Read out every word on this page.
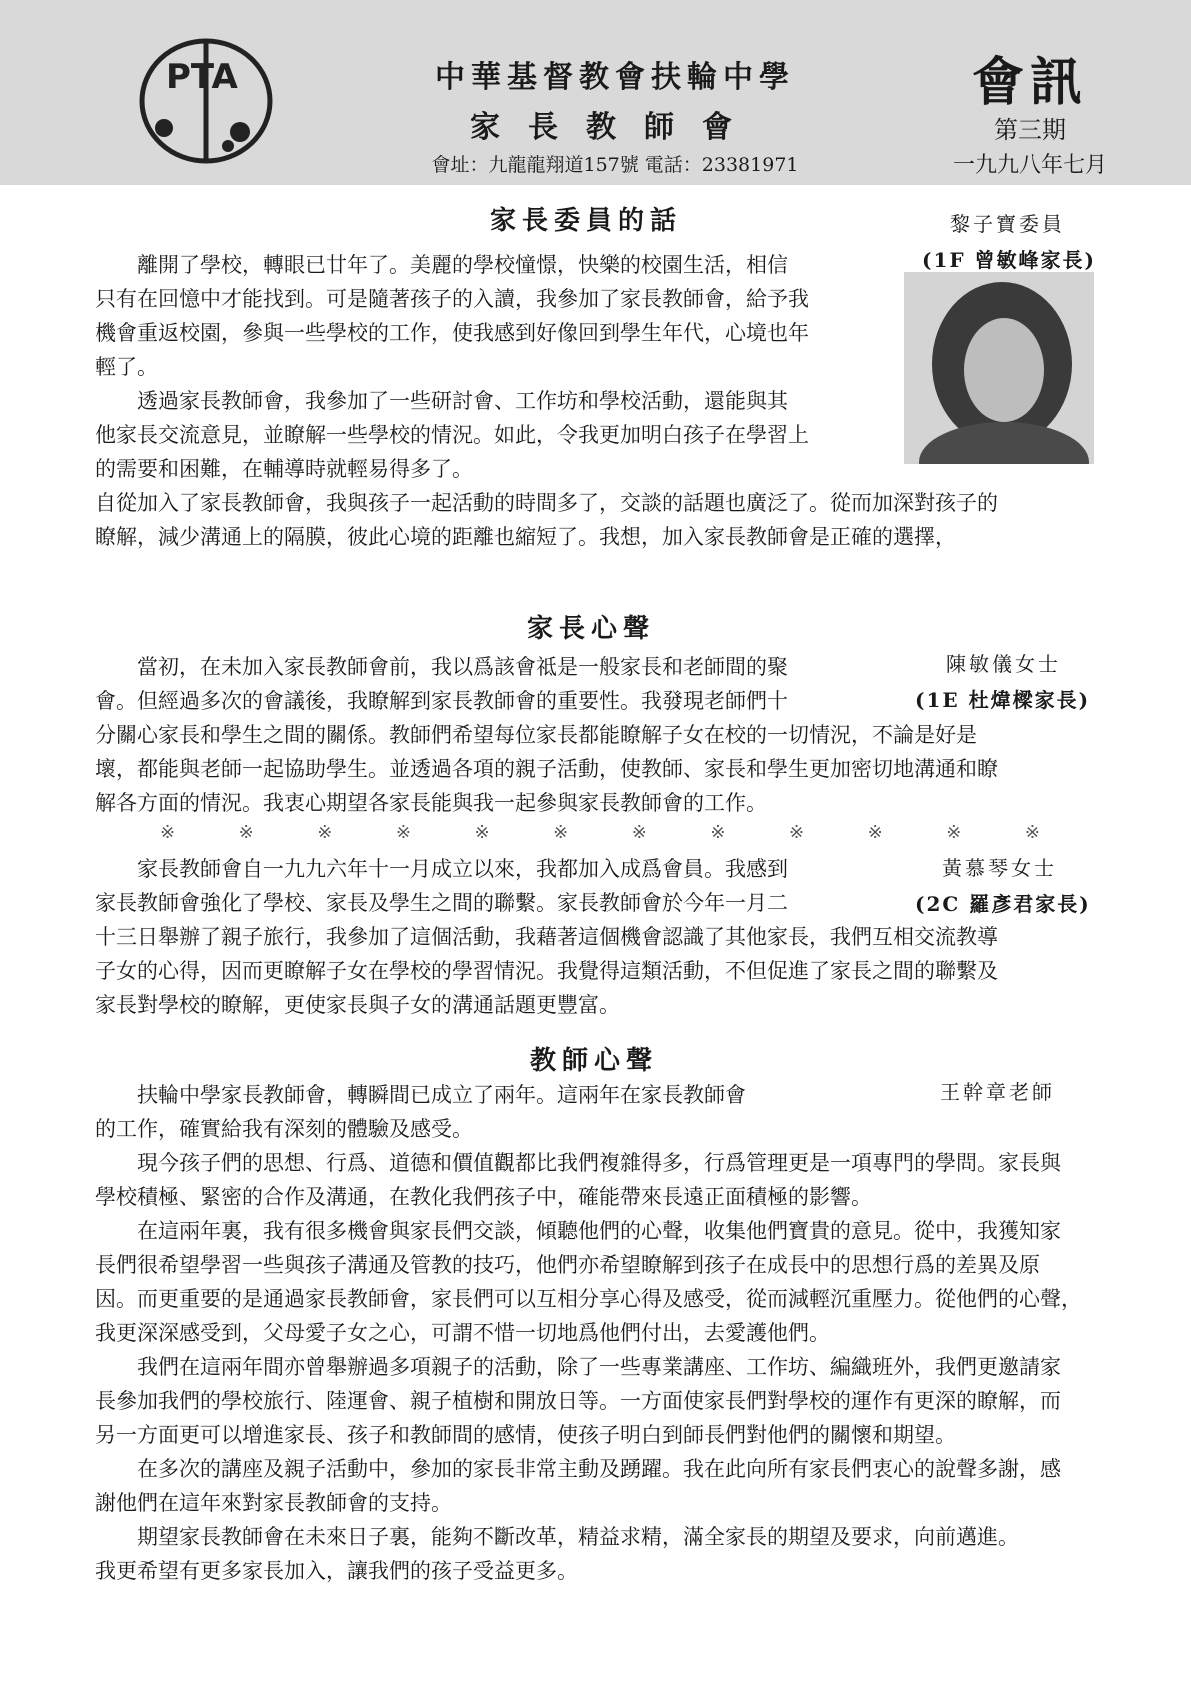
PTA	中華基督教會扶輪中學
家長教師會
會址：九龍龍翔道157號 電話：23381971
會訊
第三期
一九九八年七月
家長委員的話	黎子寶委員
(1F 曾敏峰家長)

離開了學校，轉眼已廿年了。美麗的學校憧憬，快樂的校園生活，相信

只有在回憶中才能找到。可是隨著孩子的入讀，我參加了家長教師會，給予我

機會重返校園，參與一些學校的工作，使我感到好像回到學生年代，心境也年

輕了。

透過家長教師會，我參加了一些研討會、工作坊和學校活動，還能與其

他家長交流意見，並瞭解一些學校的情況。如此，令我更加明白孩子在學習上

的需要和困難，在輔導時就輕易得多了。

自從加入了家長教師會，我與孩子一起活動的時間多了，交談的話題也廣泛了。從而加深對孩子的

瞭解，減少溝通上的隔膜，彼此心境的距離也縮短了。我想，加入家長教師會是正確的選擇，

家長心聲
陳敏儀女士
(1E 杜煒樑家長)

當初，在未加入家長教師會前，我以爲該會祗是一般家長和老師間的聚

會。但經過多次的會議後，我瞭解到家長教師會的重要性。我發現老師們十

分關心家長和學生之間的關係。教師們希望每位家長都能瞭解子女在校的一切情況，不論是好是

壞，都能與老師一起協助學生。並透過各項的親子活動，使教師、家長和學生更加密切地溝通和瞭

解各方面的情況。我衷心期望各家長能與我一起參與家長教師會的工作。

※	※	※	※	※	※	※	※	※	※	※	※
黃慕琴女士
(2C 羅彥君家長)

家長教師會自一九九六年十一月成立以來，我都加入成爲會員。我感到

家長教師會強化了學校、家長及學生之間的聯繫。家長教師會於今年一月二

十三日舉辦了親子旅行，我參加了這個活動，我藉著這個機會認識了其他家長，我們互相交流教導

子女的心得，因而更瞭解子女在學校的學習情況。我覺得這類活動，不但促進了家長之間的聯繫及

家長對學校的瞭解，更使家長與子女的溝通話題更豐富。

教師心聲
王幹章老師

扶輪中學家長教師會，轉瞬間已成立了兩年。這兩年在家長教師會

的工作，確實給我有深刻的體驗及感受。

現今孩子們的思想、行爲、道德和價值觀都比我們複雜得多，行爲管理更是一項專門的學問。家長與

學校積極、緊密的合作及溝通，在教化我們孩子中，確能帶來長遠正面積極的影響。

在這兩年裏，我有很多機會與家長們交談，傾聽他們的心聲，收集他們寶貴的意見。從中，我獲知家

長們很希望學習一些與孩子溝通及管教的技巧，他們亦希望瞭解到孩子在成長中的思想行爲的差異及原

因。而更重要的是通過家長教師會，家長們可以互相分享心得及感受，從而減輕沉重壓力。從他們的心聲，

我更深深感受到，父母愛子女之心，可謂不惜一切地爲他們付出，去愛護他們。

我們在這兩年間亦曾舉辦過多項親子的活動，除了一些專業講座、工作坊、編織班外，我們更邀請家

長參加我們的學校旅行、陸運會、親子植樹和開放日等。一方面使家長們對學校的運作有更深的瞭解，而

另一方面更可以增進家長、孩子和教師間的感情，使孩子明白到師長們對他們的關懷和期望。

在多次的講座及親子活動中，參加的家長非常主動及踴躍。我在此向所有家長們衷心的說聲多謝，感

謝他們在這年來對家長教師會的支持。

期望家長教師會在未來日子裏，能夠不斷改革，精益求精，滿全家長的期望及要求，向前邁進。

我更希望有更多家長加入，讓我們的孩子受益更多。
